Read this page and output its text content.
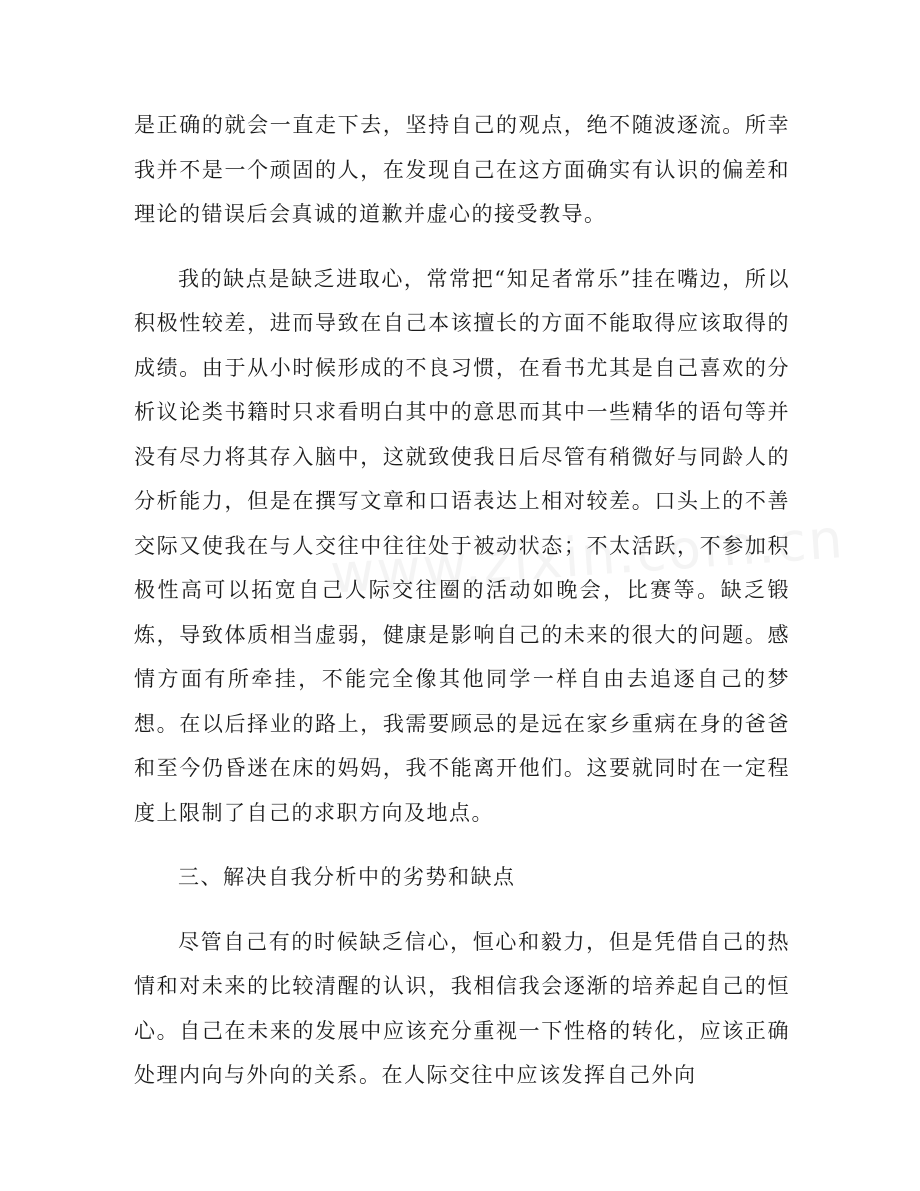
是正确的就会一直走下去，坚持自己的观点，绝不随波逐流。所幸我并不是一个顽固的人，在发现自己在这方面确实有认识的偏差和理论的错误后会真诚的道歉并虚心的接受教导。

我的缺点是缺乏进取心，常常把“知足者常乐”挂在嘴边，所以积极性较差，进而导致在自己本该擅长的方面不能取得应该取得的成绩。由于从小时候形成的不良习惯，在看书尤其是自己喜欢的分析议论类书籍时只求看明白其中的意思而其中一些精华的语句等并没有尽力将其存入脑中，这就致使我日后尽管有稍微好与同龄人的分析能力，但是在撰写文章和口语表达上相对较差。口头上的不善交际又使我在与人交往中往往处于被动状态；不太活跃，不参加积极性高可以拓宽自己人际交往圈的活动如晚会，比赛等。缺乏锻炼，导致体质相当虚弱，健康是影响自己的未来的很大的问题。感情方面有所牵挂，不能完全像其他同学一样自由去追逐自己的梦想。在以后择业的路上，我需要顾忌的是远在家乡重病在身的爸爸和至今仍昏迷在床的妈妈，我不能离开他们。这要就同时在一定程度上限制了自己的求职方向及地点。

三、解决自我分析中的劣势和缺点

尽管自己有的时候缺乏信心，恒心和毅力，但是凭借自己的热情和对未来的比较清醒的认识，我相信我会逐渐的培养起自己的恒心。自己在未来的发展中应该充分重视一下性格的转化，应该正确处理内向与外向的关系。在人际交往中应该发挥自己外向
